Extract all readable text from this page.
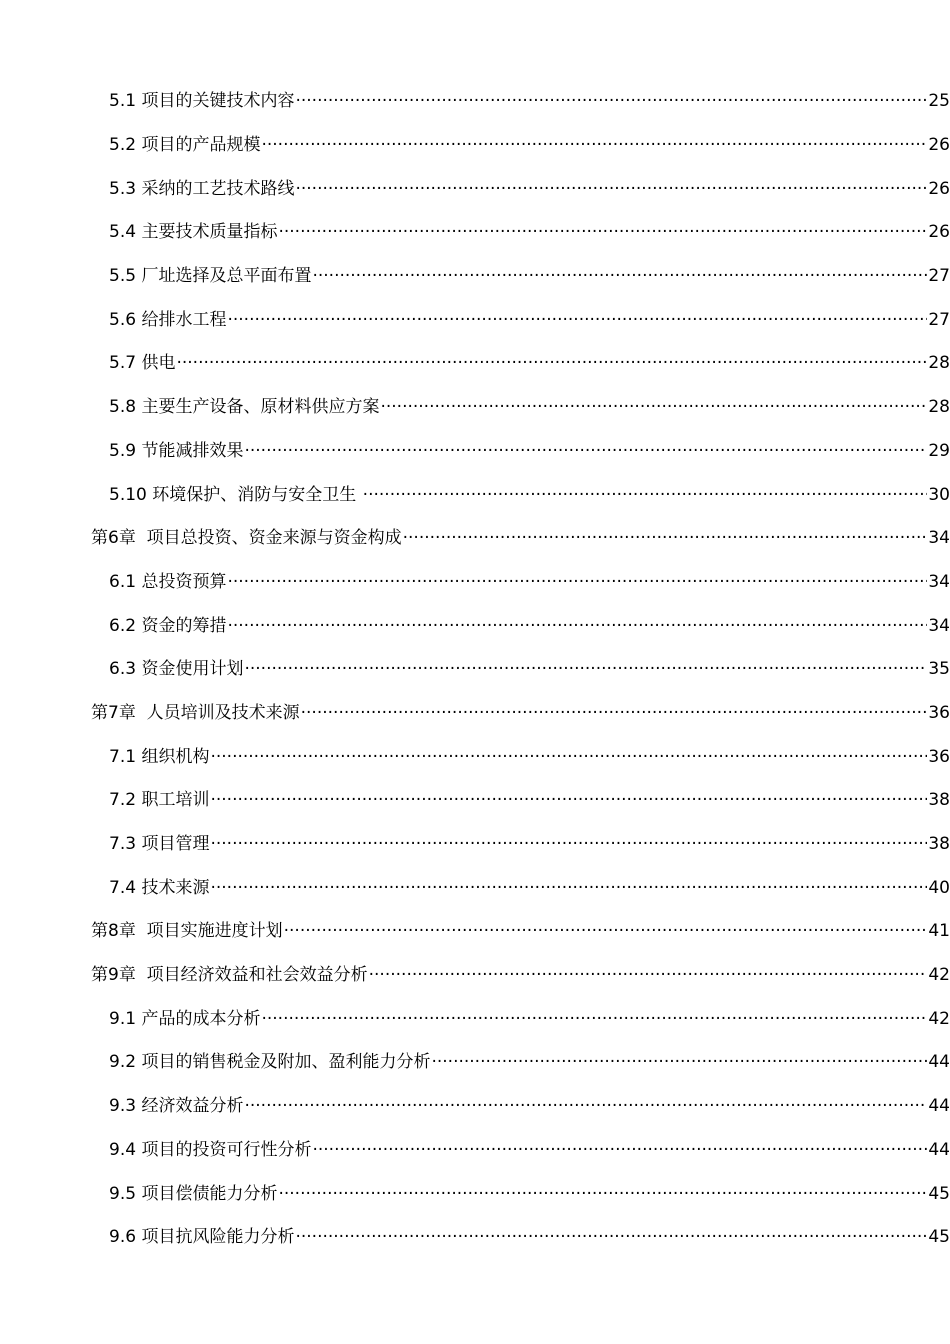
5.1 项目的关键技术内容 ·····	25
5.2 项目的产品规模 ·····	26
5.3 采纳的工艺技术路线 ·····	26
5.4 主要技术质量指标 ·····	26
5.5 厂址选择及总平面布置 ·····	27
5.6 给排水工程 ·····	27
5.7 供电 ·····	28
5.8 主要生产设备、原材料供应方案 ·····	28
5.9 节能减排效果 ·····	29
5.10 环境保护、消防与安全卫生 ·····	30
第6章 项目总投资、资金来源与资金构成 ·····	34
6.1 总投资预算 ·····	34
6.2 资金的筹措 ·····	34
6.3 资金使用计划 ·····	35
第7章 人员培训及技术来源 ·····	36
7.1 组织机构 ·····	36
7.2 职工培训 ·····	38
7.3 项目管理 ·····	38
7.4 技术来源 ·····	40
第8章 项目实施进度计划 ·····	41
第9章 项目经济效益和社会效益分析 ·····	42
9.1 产品的成本分析 ·····	42
9.2 项目的销售税金及附加、盈利能力分析 ·····	44
9.3 经济效益分析 ·····	44
9.4 项目的投资可行性分析 ·····	44
9.5 项目偿债能力分析 ·····	45
9.6 项目抗风险能力分析 ·····	45
